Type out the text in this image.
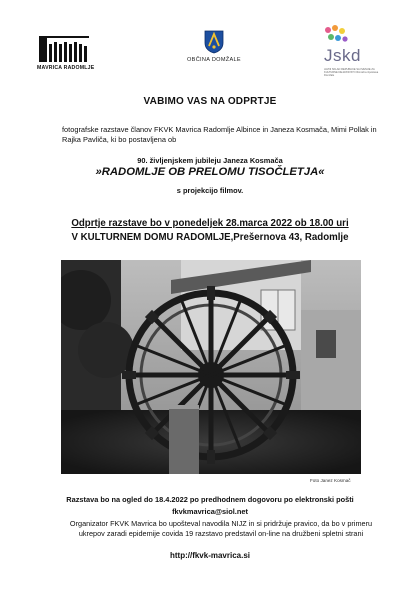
MAVRICA RADOMLJE
OBČINA DOMŽALE	Jskd
JAVNI SKLAD REPUBLIKE SLOVENIJE ZA KULTURNE DEJAVNOSTI Območna izpostava Domžale
VABIMO VAS NA ODPRTJE
fotografske razstave članov FKVK Mavrica Radomlje Albince in Janeza Kosmača, Mimi Pollak in Rajka Pavliča, ki bo postavljena ob
90. življenjskem jubileju Janeza Kosmača
»RADOMLJE OB PRELOMU TISOČLETJA«
s projekcijo filmov.
Odprtje razstave bo v ponedeljek 28.marca 2022 ob 18.00 uri
V KULTURNEM DOMU RADOMLJE,Prešernova 43, Radomlje
Foto Janez Kosmač
Razstava bo na ogled do 18.4.2022 po predhodnem dogovoru po elektronski pošti
fkvkmavrica@siol.net
Organizator FKVK Mavrica bo upošteval navodila NIJZ in si pridržuje pravico, da bo v primeru ukrepov zaradi epidemije covida 19 razstavo predstavil on-line na družbeni spletni strani
http://fkvk-mavrica.si
